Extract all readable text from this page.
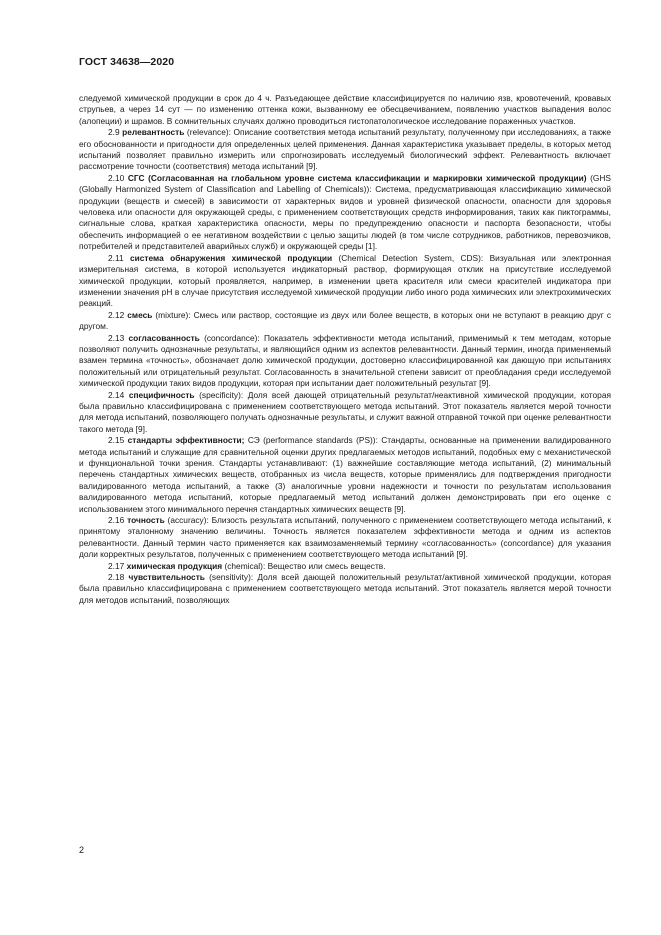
ГОСТ 34638—2020

следуемой химической продукции в срок до 4 ч. Разъедающее действие классифицируется по наличию язв, кровотечений, кровавых струпьев, а через 14 сут — по изменению оттенка кожи, вызванному ее обесцвечиванием, появлению участков выпадения волос (алопеции) и шрамов. В сомнительных случаях должно проводиться гистопатологическое исследование пораженных участков.

2.9 релевантность (relevance): Описание соответствия метода испытаний результату, полученному при исследованиях, а также его обоснованности и пригодности для определенных целей применения. Данная характеристика указывает пределы, в которых метод испытаний позволяет правильно измерить или спрогнозировать исследуемый биологический эффект. Релевантность включает рассмотрение точности (соответствия) метода испытаний [9].

2.10 СГС (Согласованная на глобальном уровне система классификации и маркировки химической продукции) (GHS (Globally Harmonized System of Classification and Labelling of Chemicals)): Система, предусматривающая классификацию химической продукции (веществ и смесей) в зависимости от характерных видов и уровней физической опасности, опасности для здоровья человека или опасности для окружающей среды, с применением соответствующих средств информирования, таких как пиктограммы, сигнальные слова, краткая характеристика опасности, меры по предупреждению опасности и паспорта безопасности, чтобы обеспечить информацией о ее негативном воздействии с целью защиты людей (в том числе сотрудников, работников, перевозчиков, потребителей и представителей аварийных служб) и окружающей среды [1].

2.11 система обнаружения химической продукции (Chemical Detection System, CDS): Визуальная или электронная измерительная система, в которой используется индикаторный раствор, формирующая отклик на присутствие исследуемой химической продукции, который проявляется, например, в изменении цвета красителя или смеси красителей индикатора при изменении значения pH в случае присутствия исследуемой химической продукции либо иного рода химических или электрохимических реакций.

2.12 смесь (mixture): Смесь или раствор, состоящие из двух или более веществ, в которых они не вступают в реакцию друг с другом.

2.13 согласованность (concordance): Показатель эффективности метода испытаний, применимый к тем методам, которые позволяют получить однозначные результаты, и являющийся одним из аспектов релевантности. Данный термин, иногда применяемый взамен термина «точность», обозначает долю химической продукции, достоверно классифицированной как дающую при испытаниях положительный или отрицательный результат. Согласованность в значительной степени зависит от преобладания среди исследуемой химической продукции таких видов продукции, которая при испытании дает положительный результат [9].

2.14 специфичность (specificity): Доля всей дающей отрицательный результат/неактивной химической продукции, которая была правильно классифицирована с применением соответствующего метода испытаний. Этот показатель является мерой точности для метода испытаний, позволяющего получать однозначные результаты, и служит важной отправной точкой при оценке релевантности такого метода [9].

2.15 стандарты эффективности; СЭ (performance standards (PS)): Стандарты, основанные на применении валидированного метода испытаний и служащие для сравнительной оценки других предлагаемых методов испытаний, подобных ему с механистической и функциональной точки зрения. Стандарты устанавливают: (1) важнейшие составляющие метода испытаний, (2) минимальный перечень стандартных химических веществ, отобранных из числа веществ, которые применялись для подтверждения пригодности валидированного метода испытаний, а также (3) аналогичные уровни надежности и точности по результатам использования валидированного метода испытаний, которые предлагаемый метод испытаний должен демонстрировать при его оценке с использованием этого минимального перечня стандартных химических веществ [9].

2.16 точность (accuracy): Близость результата испытаний, полученного с применением соответствующего метода испытаний, к принятому эталонному значению величины. Точность является показателем эффективности метода и одним из аспектов релевантности. Данный термин часто применяется как взаимозаменяемый термину «согласованность» (concordance) для указания доли корректных результатов, полученных с применением соответствующего метода испытаний [9].

2.17 химическая продукция (chemical): Вещество или смесь веществ.

2.18 чувствительность (sensitivity): Доля всей дающей положительный результат/активной химической продукции, которая была правильно классифицирована с применением соответствующего метода испытаний. Этот показатель является мерой точности для методов испытаний, позволяющих

2
